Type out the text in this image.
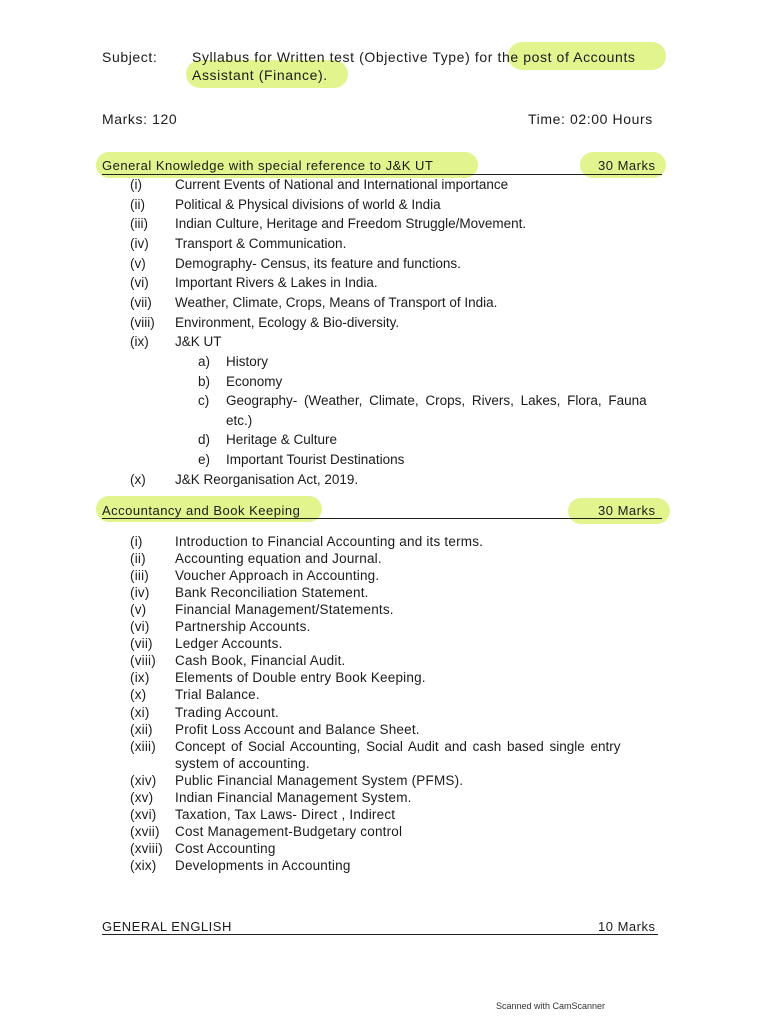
Subject: Syllabus for Written test (Objective Type) for the post of Accounts
Assistant (Finance).
Marks: 120	Time: 02:00 Hours
General Knowledge with special reference to J&K UT	30 Marks
(i) Current Events of National and International importance
(ii) Political & Physical divisions of world & India
(iii) Indian Culture, Heritage and Freedom Struggle/Movement.
(iv) Transport & Communication.
(v) Demography- Census, its feature and functions.
(vi) Important Rivers & Lakes in India.
(vii) Weather, Climate, Crops, Means of Transport of India.
(viii) Environment, Ecology & Bio-diversity.
(ix) J&K UT
a) History
b) Economy
c) Geography- (Weather, Climate, Crops, Rivers, Lakes, Flora, Fauna
etc.)
d) Heritage & Culture
e) Important Tourist Destinations
(x) J&K Reorganisation Act, 2019.
Accountancy and Book Keeping	30 Marks
(i) Introduction to Financial Accounting and its terms.
(ii) Accounting equation and Journal.
(iii) Voucher Approach in Accounting.
(iv) Bank Reconciliation Statement.
(v) Financial Management/Statements.
(vi) Partnership Accounts.
(vii) Ledger Accounts.
(viii) Cash Book, Financial Audit.
(ix) Elements of Double entry Book Keeping.
(x) Trial Balance.
(xi) Trading Account.
(xii) Profit Loss Account and Balance Sheet.
(xiii) Concept of Social Accounting, Social Audit and cash based single entry
system of accounting.
(xiv) Public Financial Management System (PFMS).
(xv) Indian Financial Management System.
(xvi) Taxation, Tax Laws- Direct , Indirect
(xvii) Cost Management-Budgetary control
(xviii) Cost Accounting
(xix) Developments in Accounting
GENERAL ENGLISH	10 Marks
Scanned with CamScanner
